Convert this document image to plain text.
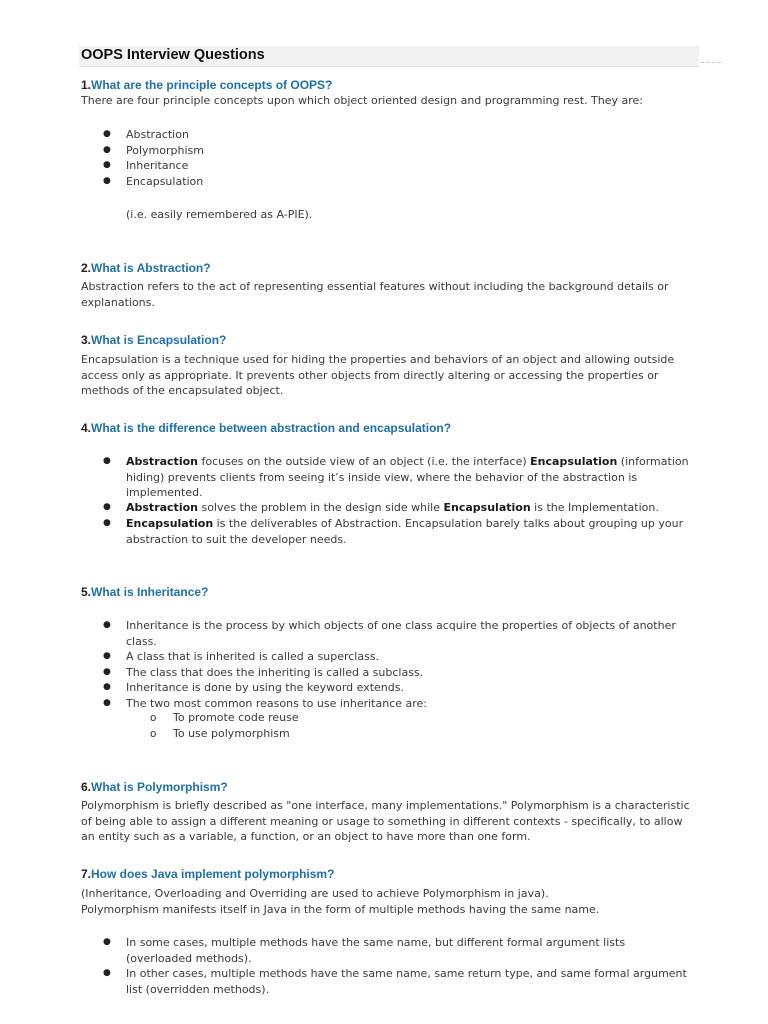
OOPS Interview Questions
1.What are the principle concepts of OOPS?
There are four principle concepts upon which object oriented design and programming rest. They are:
● Abstraction
● Polymorphism
● Inheritance
● Encapsulation
(i.e. easily remembered as A-PIE).
2.What is Abstraction?
Abstraction refers to the act of representing essential features without including the background details or
explanations.
3.What is Encapsulation?
Encapsulation is a technique used for hiding the properties and behaviors of an object and allowing outside
access only as appropriate. It prevents other objects from directly altering or accessing the properties or
methods of the encapsulated object.
4.What is the difference between abstraction and encapsulation?
● Abstraction focuses on the outside view of an object (i.e. the interface) Encapsulation (information
hiding) prevents clients from seeing it’s inside view, where the behavior of the abstraction is
implemented.
● Abstraction solves the problem in the design side while Encapsulation is the Implementation.
● Encapsulation is the deliverables of Abstraction. Encapsulation barely talks about grouping up your
abstraction to suit the developer needs.
5.What is Inheritance?
● Inheritance is the process by which objects of one class acquire the properties of objects of another
class.
● A class that is inherited is called a superclass.
● The class that does the inheriting is called a subclass.
● Inheritance is done by using the keyword extends.
● The two most common reasons to use inheritance are:
o To promote code reuse
o To use polymorphism
6.What is Polymorphism?
Polymorphism is briefly described as "one interface, many implementations." Polymorphism is a characteristic
of being able to assign a different meaning or usage to something in different contexts - specifically, to allow
an entity such as a variable, a function, or an object to have more than one form.
7.How does Java implement polymorphism?
(Inheritance, Overloading and Overriding are used to achieve Polymorphism in java).
Polymorphism manifests itself in Java in the form of multiple methods having the same name.
● In some cases, multiple methods have the same name, but different formal argument lists
(overloaded methods).
● In other cases, multiple methods have the same name, same return type, and same formal argument
list (overridden methods).
